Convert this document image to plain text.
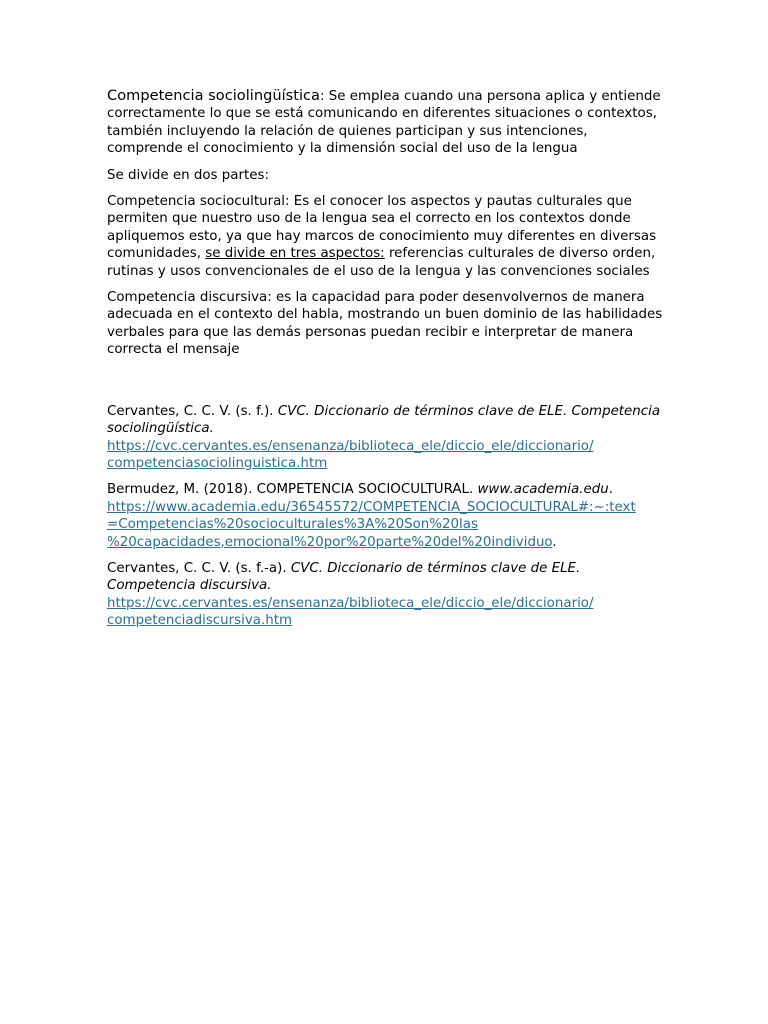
Competencia sociolingüística: Se emplea cuando una persona aplica y entiende correctamente lo que se está comunicando en diferentes situaciones o contextos, también incluyendo la relación de quienes participan y sus intenciones, comprende el conocimiento y la dimensión social del uso de la lengua

Se divide en dos partes:

Competencia sociocultural: Es el conocer los aspectos y pautas culturales que permiten que nuestro uso de la lengua sea el correcto en los contextos donde apliquemos esto, ya que hay marcos de conocimiento muy diferentes en diversas comunidades, se divide en tres aspectos: referencias culturales de diverso orden, rutinas y usos convencionales de el uso de la lengua y las convenciones sociales

Competencia discursiva: es la capacidad para poder desenvolvernos de manera adecuada en el contexto del habla, mostrando un buen dominio de las habilidades verbales para que las demás personas puedan recibir e interpretar de manera correcta el mensaje

Cervantes, C. C. V. (s. f.). CVC. Diccionario de términos clave de ELE. Competencia sociolingüística.
https://cvc.cervantes.es/ensenanza/biblioteca_ele/diccio_ele/diccionario/
competenciasociolinguistica.htm

Bermudez, M. (2018). COMPETENCIA SOCIOCULTURAL. www.academia.edu.
https://www.academia.edu/36545572/COMPETENCIA_SOCIOCULTURAL#:~:text
=Competencias%20socioculturales%3A%20Son%20las
%20capacidades,emocional%20por%20parte%20del%20individuo.

Cervantes, C. C. V. (s. f.-a). CVC. Diccionario de términos clave de ELE. Competencia discursiva.
https://cvc.cervantes.es/ensenanza/biblioteca_ele/diccio_ele/diccionario/
competenciadiscursiva.htm
